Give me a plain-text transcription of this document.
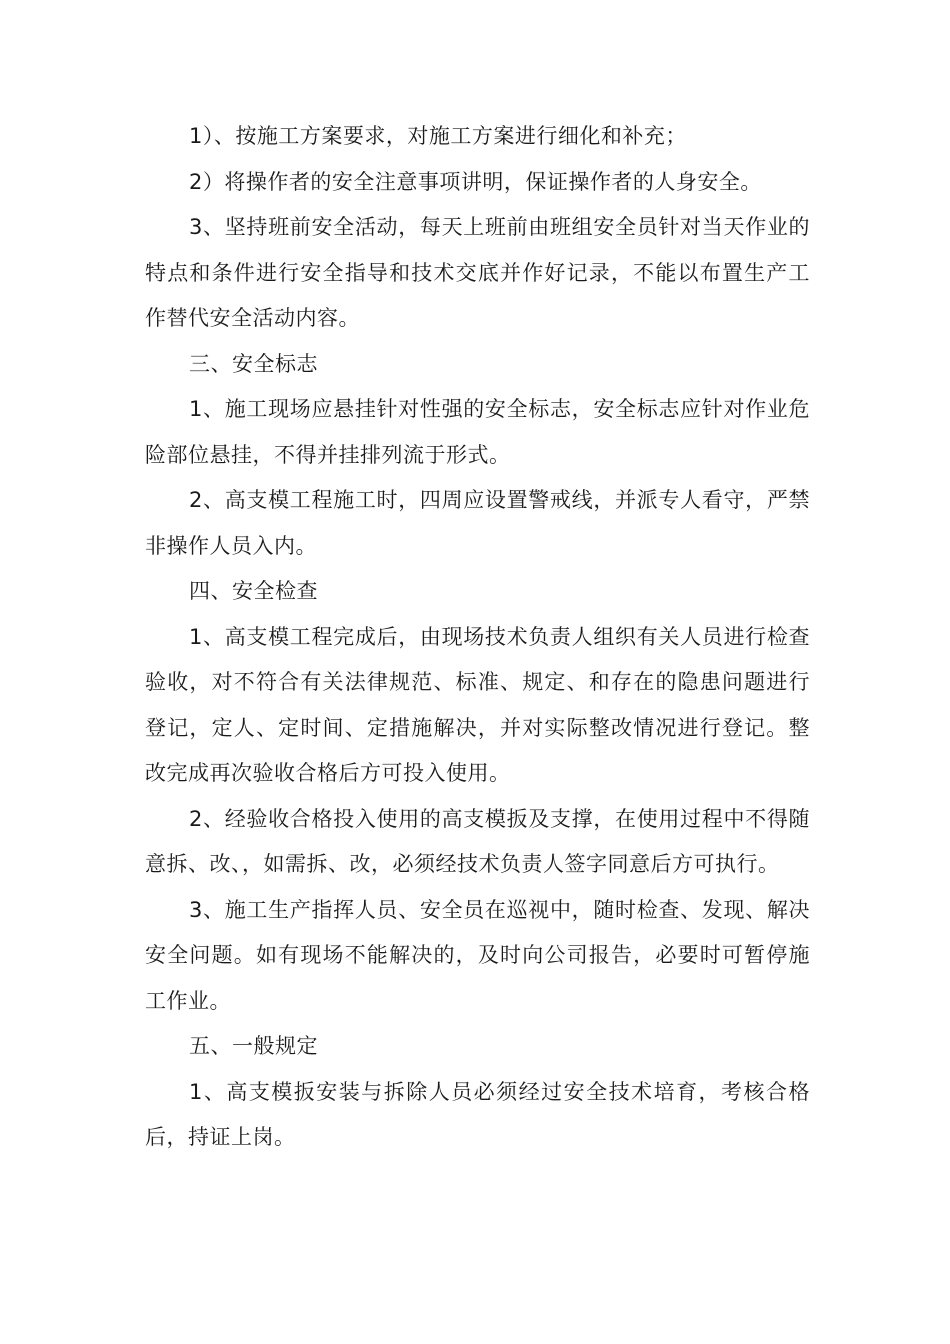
1）、按施工方案要求，对施工方案进行细化和补充；

2）将操作者的安全注意事项讲明，保证操作者的人身安全。

3、坚持班前安全活动，每天上班前由班组安全员针对当天作业的特点和条件进行安全指导和技术交底并作好记录，不能以布置生产工作替代安全活动内容。

三、安全标志

1、施工现场应悬挂针对性强的安全标志，安全标志应针对作业危险部位悬挂，不得并挂排列流于形式。

2、高支模工程施工时，四周应设置警戒线，并派专人看守，严禁非操作人员入内。

四、安全检查

1、高支模工程完成后，由现场技术负责人组织有关人员进行检查验收，对不符合有关法律规范、标准、规定、和存在的隐患问题进行登记，定人、定时间、定措施解决，并对实际整改情况进行登记。整改完成再次验收合格后方可投入使用。

2、经验收合格投入使用的高支模扳及支撑，在使用过程中不得随意拆、改、，如需拆、改，必须经技术负责人签字同意后方可执行。

3、施工生产指挥人员、安全员在巡视中，随时检查、发现、解决安全问题。如有现场不能解决的，及时向公司报告，必要时可暂停施工作业。

五、一般规定

1、高支模扳安装与拆除人员必须经过安全技术培育，考核合格后，持证上岗。
